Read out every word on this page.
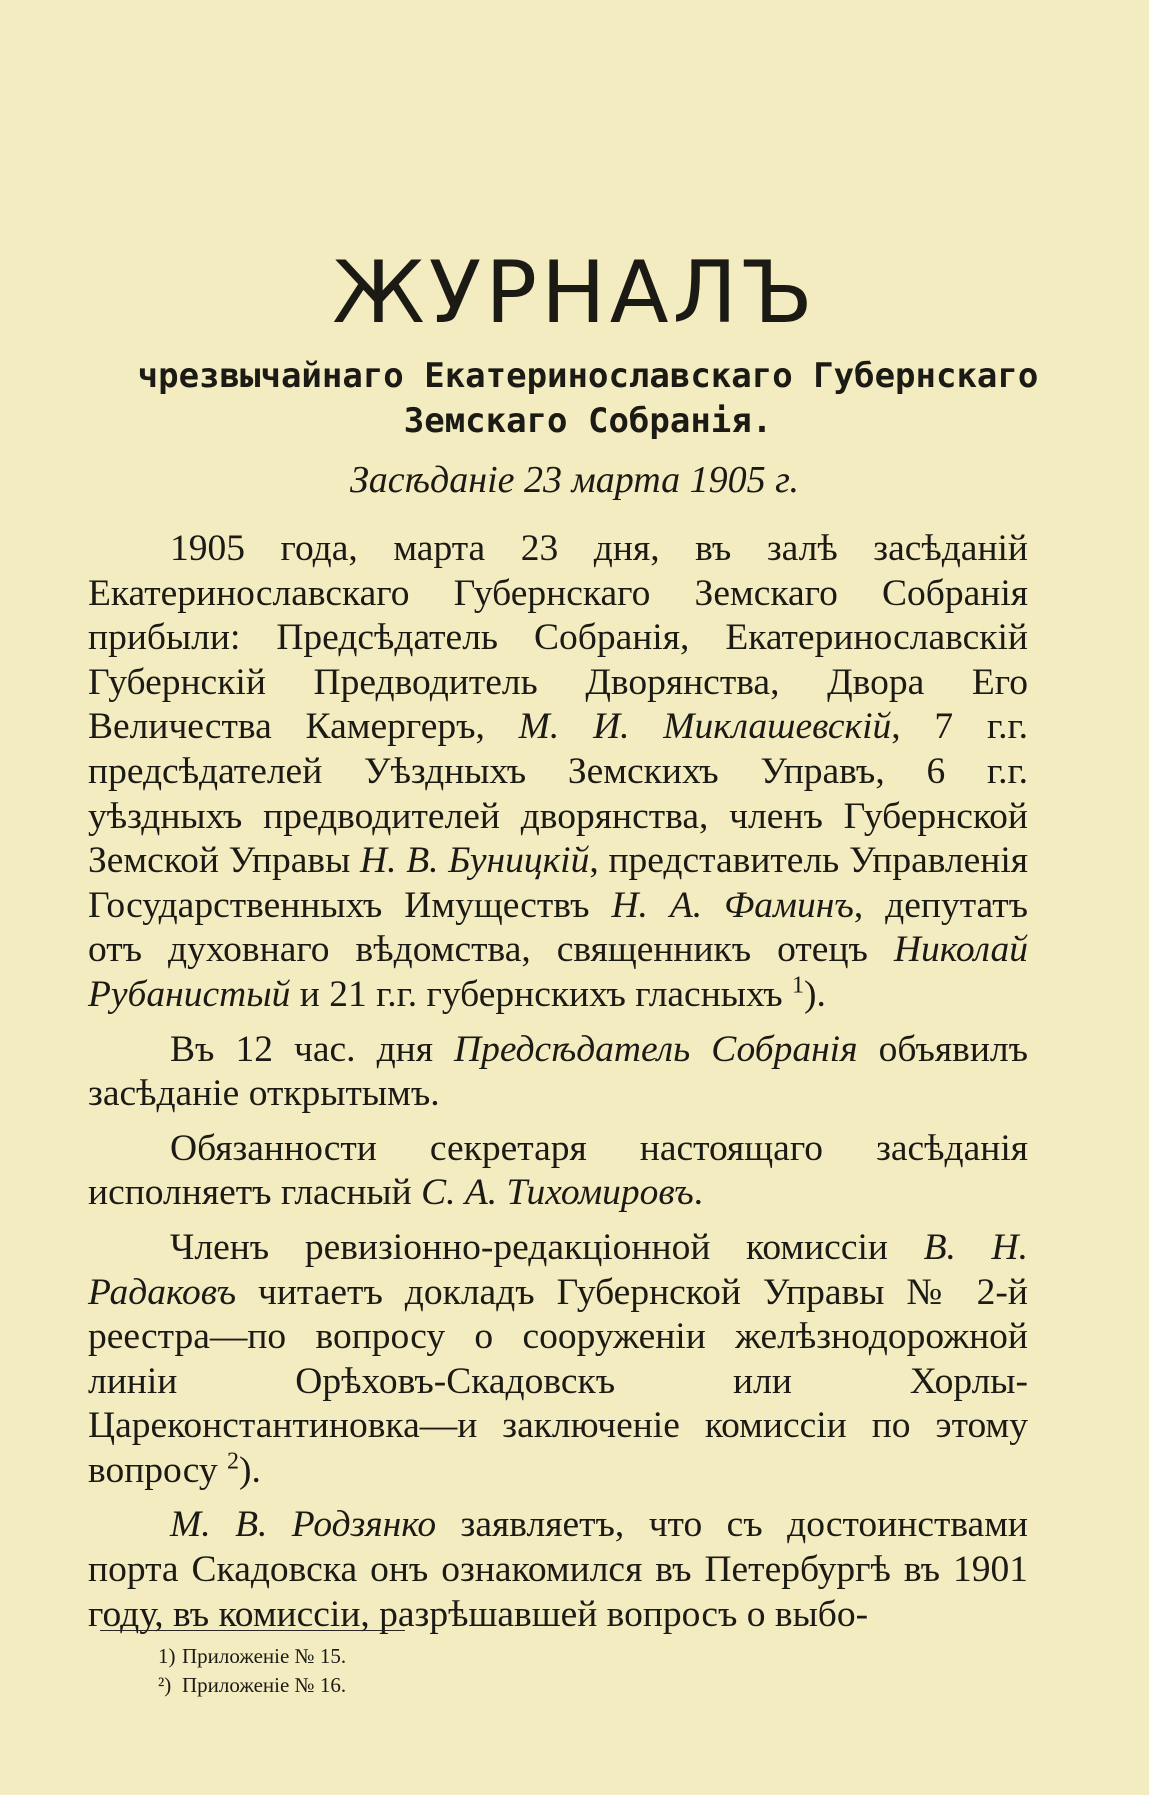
ЖУРНАЛЪ
чрезвычайнаго Екатеринославскаго Губернскаго
Земскаго Собранія.
Засѣданіе 23 марта 1905 г.

1905 года, марта 23 дня, въ залѣ засѣданій Екатеринославскаго Губернскаго Земскаго Собранія прибыли: Предсѣдатель Собранія, Екатеринославскій Губернскій Предводитель Дворянства, Двора Его Величества Камергеръ, М. И. Миклашевскій, 7 г.г. предсѣдателей Уѣздныхъ Земскихъ Управъ, 6 г.г. уѣздныхъ предводителей дворянства, членъ Губернской Земской Управы Н. В. Буницкій, представитель Управленія Государственныхъ Имуществъ Н. А. Фаминъ, депутатъ отъ духовнаго вѣдомства, священникъ отецъ Николай Рубанистый и 21 г.г. губернскихъ гласныхъ $^1$).

Въ 12 час. дня Предсѣдатель Собранія объявилъ засѣданіе открытымъ.

Обязанности секретаря настоящаго засѣданія исполняетъ гласный С. А. Тихомировъ.

Членъ ревизіонно-редакціонной комиссіи В. Н. Радаковъ читаетъ докладъ Губернской Управы № 2-й реестра—по вопросу о сооруженіи желѣзнодорожной линіи Орѣховъ-Скадовскъ или Хорлы-Цареконстантиновка—и заключеніе комиссіи по этому вопросу $^2$).

М. В. Родзянко заявляетъ, что съ достоинствами порта Скадовска онъ ознакомился въ Петербургѣ въ 1901 году, въ комиссіи, разрѣшавшей вопросъ о выбо-

1) Приложеніе № 15.
²) Приложеніе № 16.
